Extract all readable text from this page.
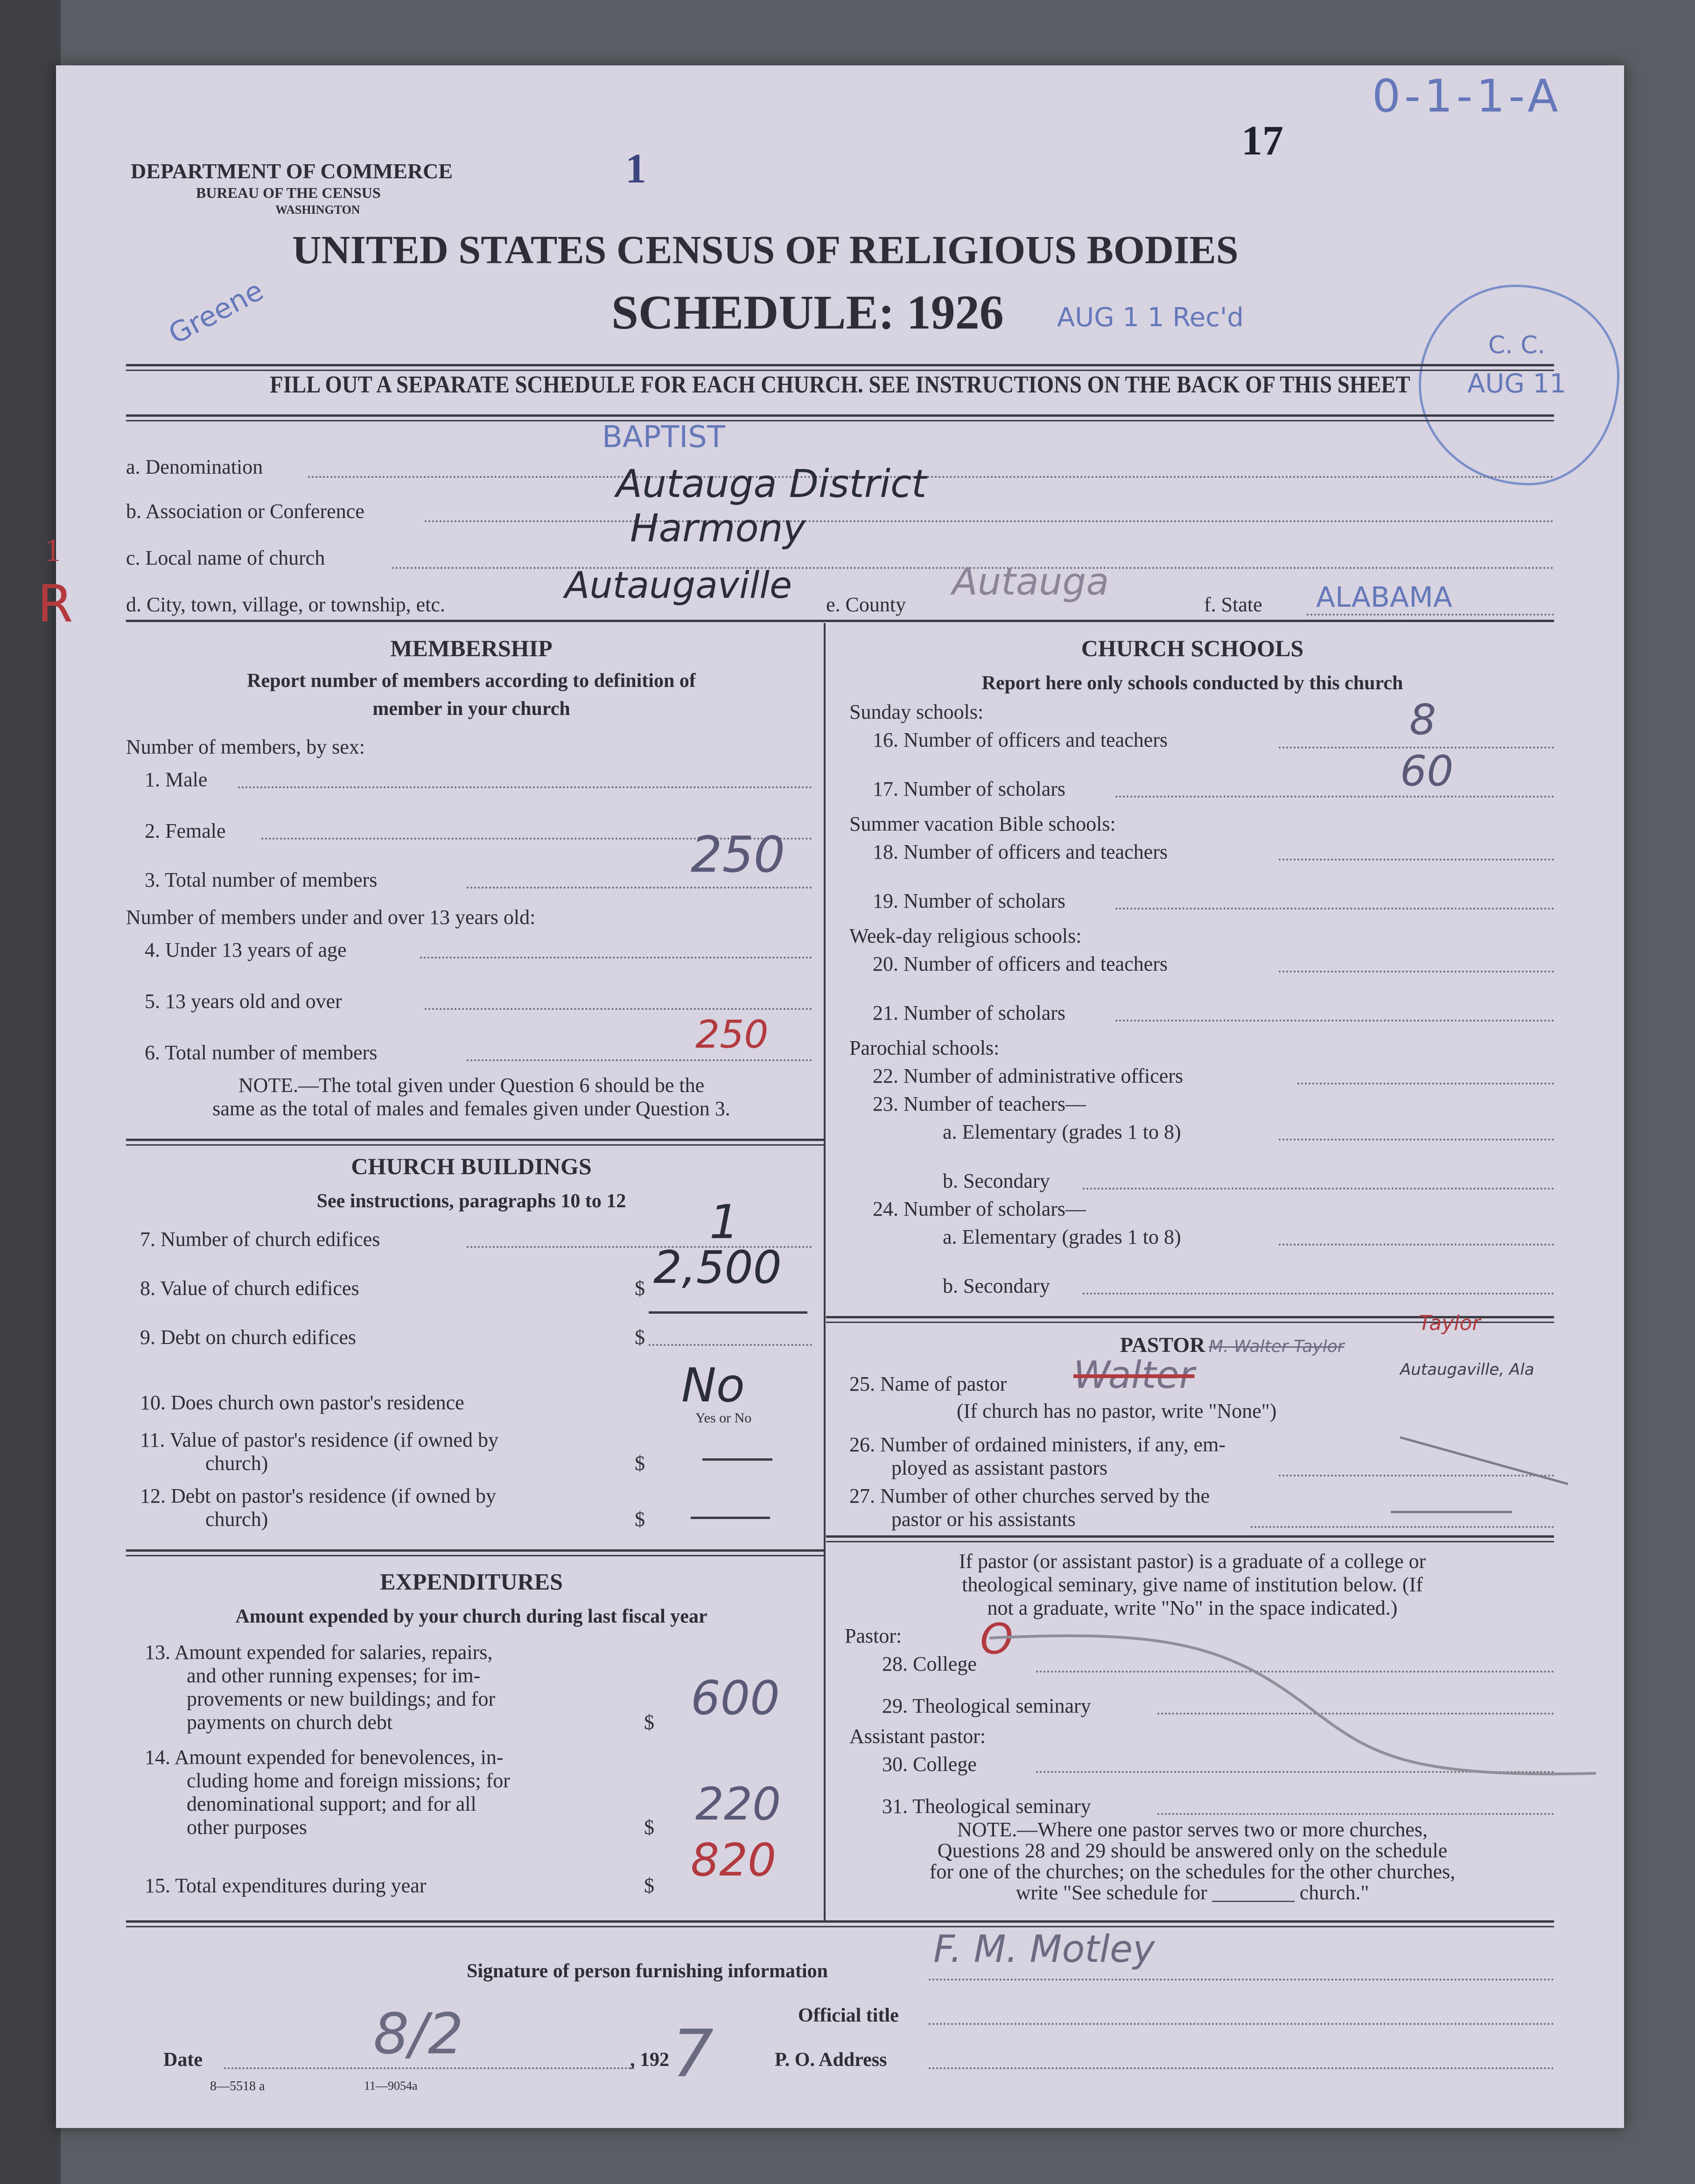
DEPARTMENT OF COMMERCE
BUREAU OF THE CENSUS
WASHINGTON
1
17
0-1-1-A
Greene
UNITED STATES CENSUS OF RELIGIOUS BODIES
SCHEDULE: 1926 AUG 1 1 Rec'd
C. C.
AUG 11
FILL OUT A SEPARATE SCHEDULE FOR EACH CHURCH. SEE INSTRUCTIONS ON THE BACK OF THIS SHEET
BAPTIST
a. Denomination	Autauga District
b. Association or Conference	Harmony
c. Local name of church
1
R	d. City, town, village, or township, etc.	Autaugaville e. County
Autauga
f. State ALABAMA
MEMBERSHIP
Report number of members according to definition of
member in your church
Number of members, by sex:
1. Male
2. Female
3. Total number of members	250
Number of members under and over 13 years old:
4. Under 13 years of age
5. 13 years old and over
6. Total number of members	250
NOTE.—The total given under Question 6 should be the
same as the total of males and females given under Question 3.
CHURCH BUILDINGS
See instructions, paragraphs 10 to 12
7. Number of church edifices	1
8. Value of church edifices	$ 2,500
9. Debt on church edifices	$
10. Does church own pastor's residence	No
Yes or No
11. Value of pastor's residence (if owned by
church)	$
12. Debt on pastor's residence (if owned by
church)	$
EXPENDITURES
Amount expended by your church during last fiscal year
13. Amount expended for salaries, repairs,
and other running expenses; for im-
provements or new buildings; and for
payments on church debt	$ 600
14. Amount expended for benevolences, in-
cluding home and foreign missions; for
denominational support; and for all
other purposes	$ 220
15. Total expenditures during year	$ 820
CHURCH SCHOOLS
Report here only schools conducted by this church
Sunday schools:
16. Number of officers and teachers	8
17. Number of scholars	60
Summer vacation Bible schools:
18. Number of officers and teachers
19. Number of scholars
Week-day religious schools:
20. Number of officers and teachers
21. Number of scholars
Parochial schools:
22. Number of administrative officers
23. Number of teachers—
a. Elementary (grades 1 to 8)
b. Secondary
24. Number of scholars—
a. Elementary (grades 1 to 8)
b. Secondary
PASTOR M. Walter Taylor
Taylor
25. Name of pastor Walter	Autaugaville, Ala
(If church has no pastor, write "None")
26. Number of ordained ministers, if any, em-
ployed as assistant pastors
27. Number of other churches served by the
pastor or his assistants
If pastor (or assistant pastor) is a graduate of a college or
theological seminary, give name of institution below. (If
not a graduate, write "No" in the space indicated.)
Pastor:
28. College
O
29. Theological seminary
Assistant pastor:
30. College
31. Theological seminary
NOTE.—Where one pastor serves two or more churches,
Questions 28 and 29 should be answered only on the schedule
for one of the churches; on the schedules for the other churches,
write "See schedule for ________ church."
Signature of person furnishing information
F. M. Motley
Official title
Date	8/2	, 192 7	P. O. Address
8—5518 a	11—9054a
